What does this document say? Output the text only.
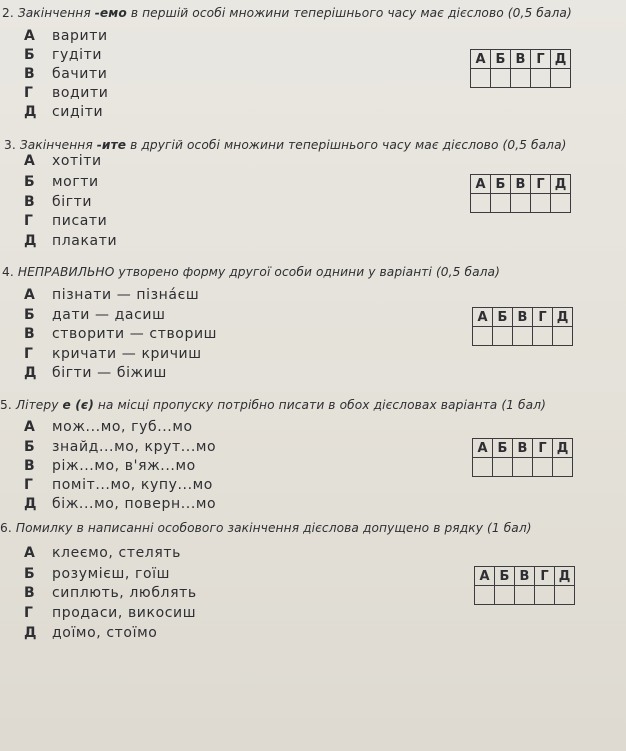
2. Закінчення -емо в першій особі множини теперішнього часу має дієслово (0,5 бала)
А варити
Б гудіти
В бачити
Г водити
Д сидіти
А	Б	В	Г	Д

3. Закінчення -ите в другій особі множини теперішнього часу має дієслово (0,5 бала)
А хотіти
Б могти
В бігти
Г писати
Д плакати
А	Б	В	Г	Д

4. НЕПРАВИЛЬНО утворено форму другої особи однини у варіанті (0,5 бала)
А пізнати — пізна́єш
Б дати — дасиш
В створити — створиш
Г кричати — кричиш
Д бігти — біжиш
А	Б	В	Г	Д

5. Літеру е (є) на місці пропуску потрібно писати в обох дієсловах варіанта (1 бал)
А мож...мо, губ...мо
Б знайд...мо, крут...мо
В ріж...мо, в'яж...мо
Г поміт...мо, купу...мо
Д біж...мо, поверн...мо
А	Б	В	Г	Д

6. Помилку в написанні особового закінчення дієслова допущено в рядку (1 бал)
А клеємо, стелять
Б розумієш, гоїш
В сиплють, люблять
Г продаси, викосиш
Д доїмо, стоїмо
А	Б	В	Г	Д
